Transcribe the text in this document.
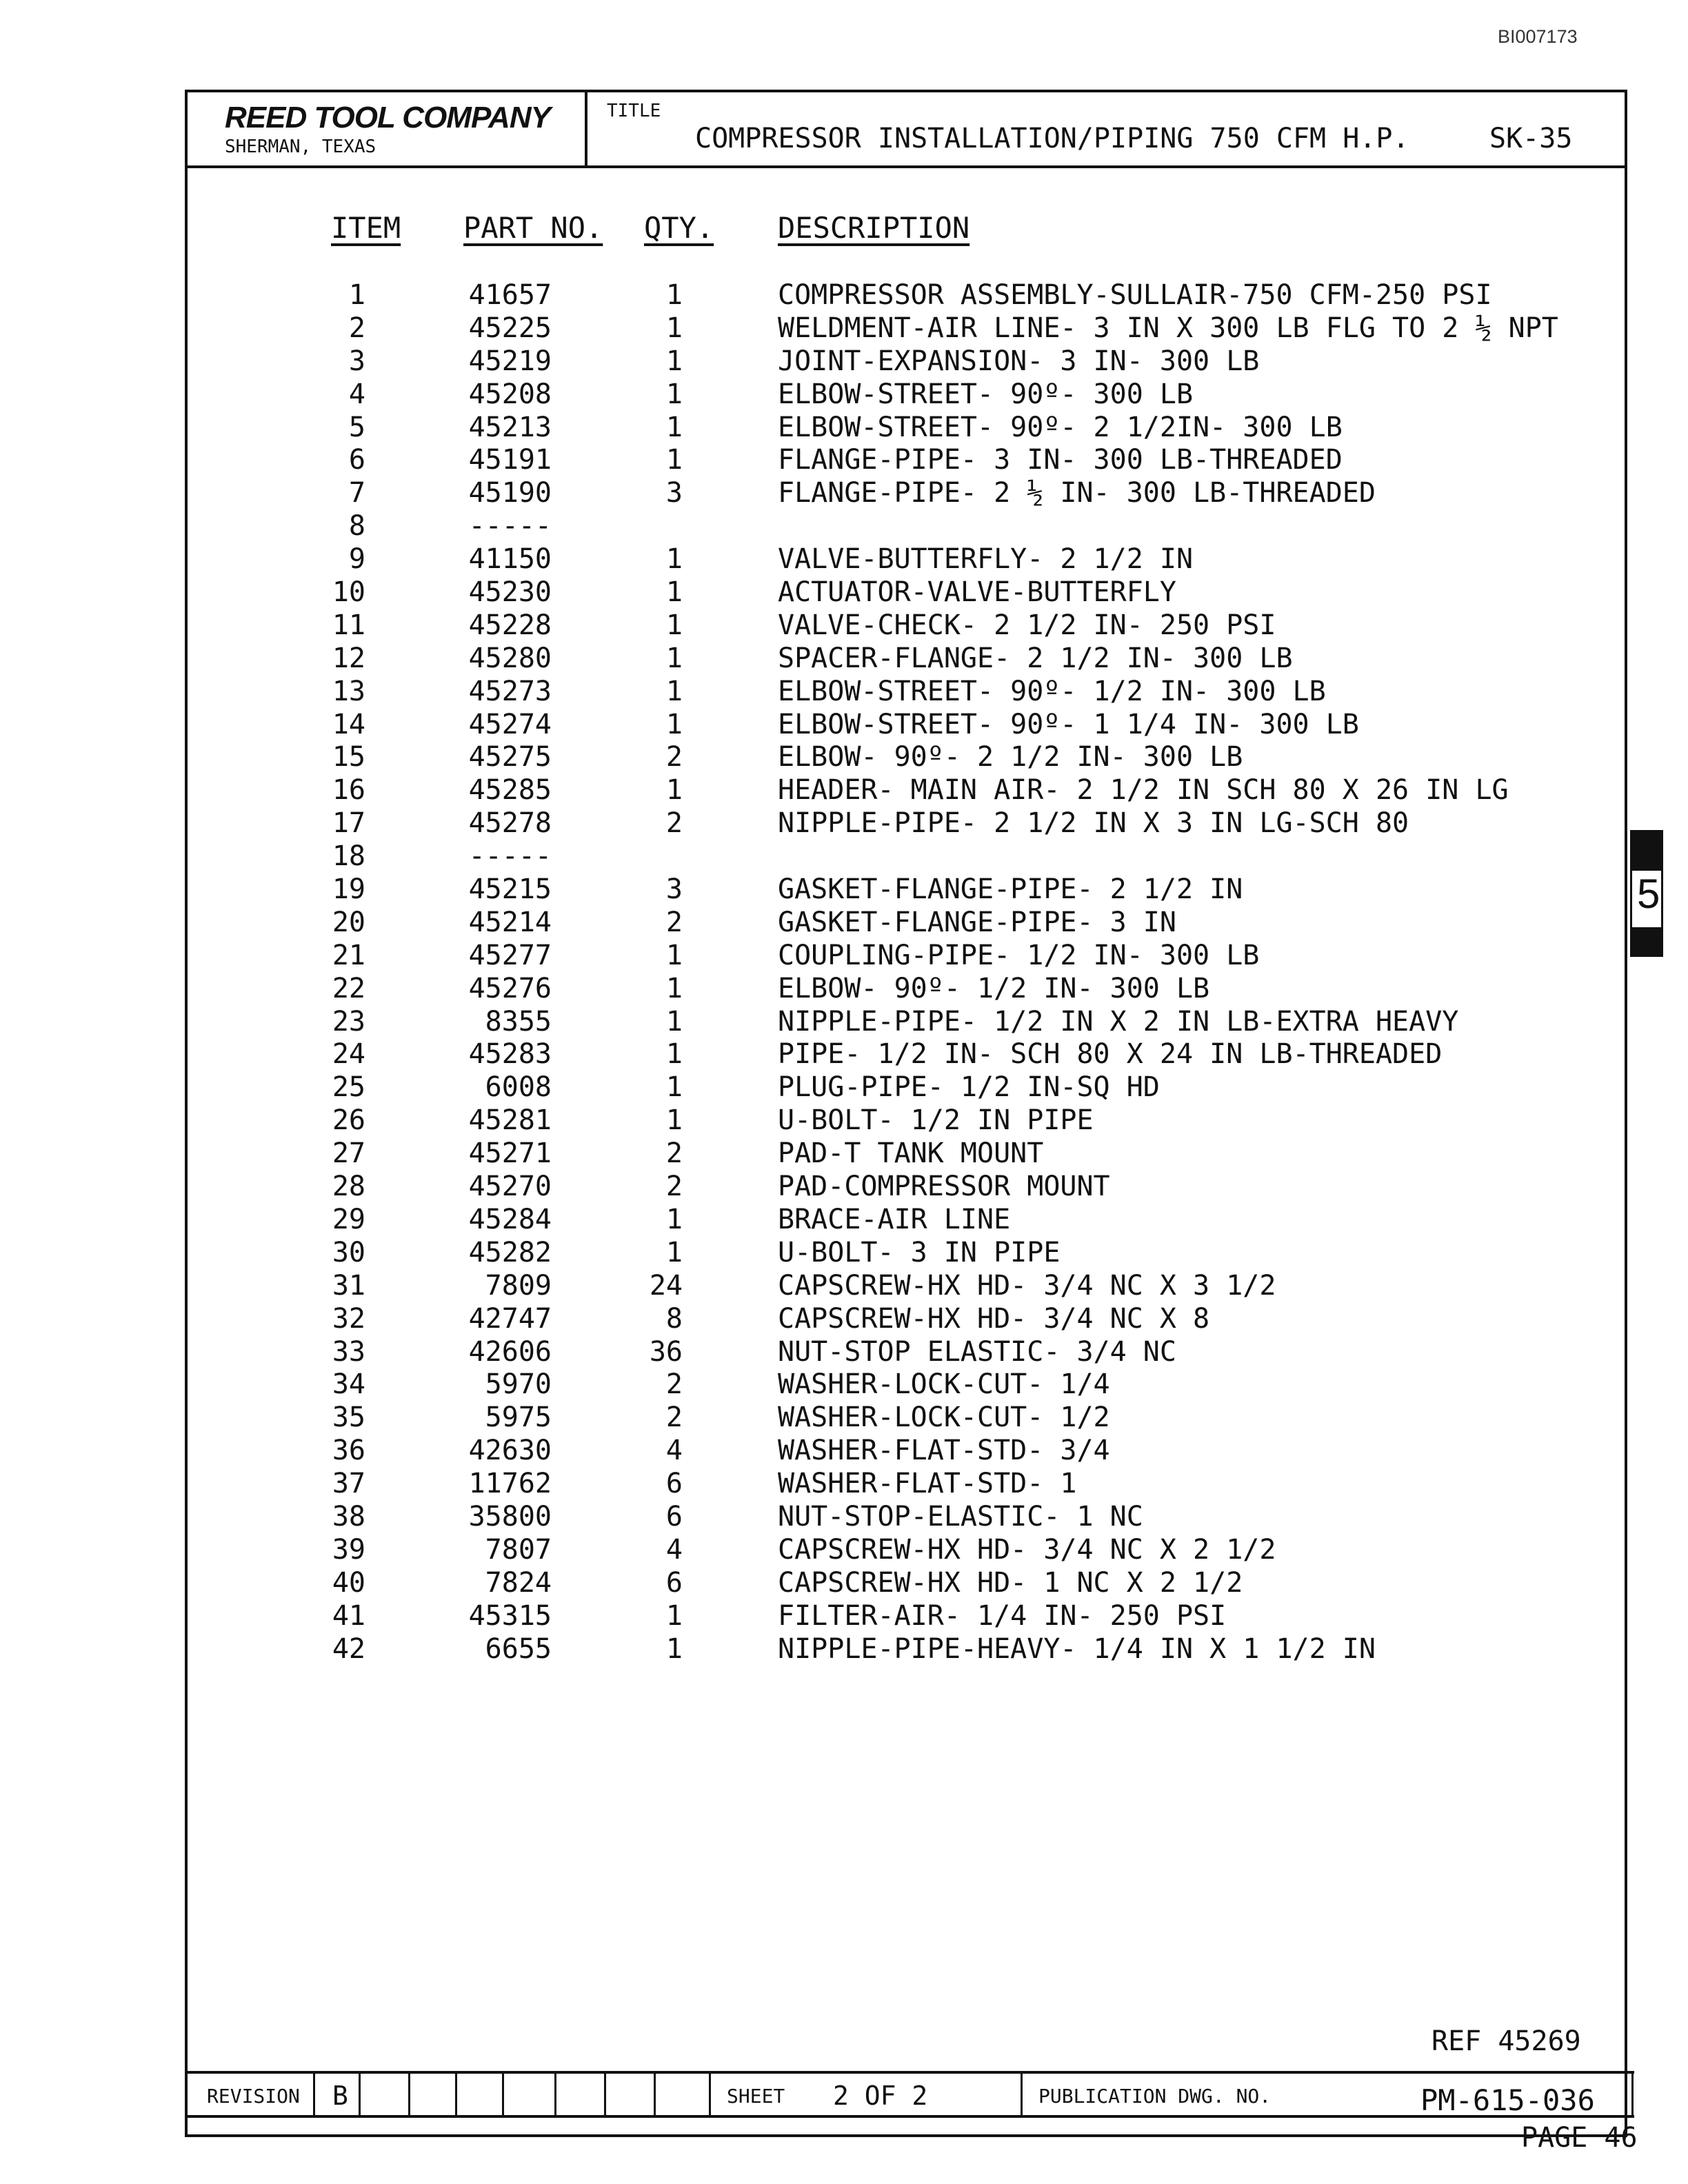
BI007173
REED TOOL COMPANY
SHERMAN, TEXAS
TITLE
COMPRESSOR INSTALLATION/PIPING 750 CFM H.P.	SK-35
ITEM PART NO. QTY. DESCRIPTION
1	41657	1	COMPRESSOR ASSEMBLY-SULLAIR-750 CFM-250 PSI
2	45225	1	WELDMENT-AIR LINE- 3 IN X 300 LB FLG TO 2 ½ NPT
3	45219	1	JOINT-EXPANSION- 3 IN- 300 LB
4	45208	1	ELBOW-STREET- 90º- 300 LB
5	45213	1	ELBOW-STREET- 90º- 2 1/2IN- 300 LB
6	45191	1	FLANGE-PIPE- 3 IN- 300 LB-THREADED
7	45190	3	FLANGE-PIPE- 2 ½ IN- 300 LB-THREADED
8	-----
9	41150	1	VALVE-BUTTERFLY- 2 1/2 IN
10	45230	1	ACTUATOR-VALVE-BUTTERFLY
11	45228	1	VALVE-CHECK- 2 1/2 IN- 250 PSI
12	45280	1	SPACER-FLANGE- 2 1/2 IN- 300 LB
13	45273	1	ELBOW-STREET- 90º- 1/2 IN- 300 LB
14	45274	1	ELBOW-STREET- 90º- 1 1/4 IN- 300 LB
15	45275	2	ELBOW- 90º- 2 1/2 IN- 300 LB
16	45285	1	HEADER- MAIN AIR- 2 1/2 IN SCH 80 X 26 IN LG
17	45278	2	NIPPLE-PIPE- 2 1/2 IN X 3 IN LG-SCH 80
18	-----
19	45215	3	GASKET-FLANGE-PIPE- 2 1/2 IN
20	45214	2	GASKET-FLANGE-PIPE- 3 IN
21	45277	1	COUPLING-PIPE- 1/2 IN- 300 LB
22	45276	1	ELBOW- 90º- 1/2 IN- 300 LB
23	8355	1	NIPPLE-PIPE- 1/2 IN X 2 IN LB-EXTRA HEAVY
24	45283	1	PIPE- 1/2 IN- SCH 80 X 24 IN LB-THREADED
25	6008	1	PLUG-PIPE- 1/2 IN-SQ HD
26	45281	1	U-BOLT- 1/2 IN PIPE
27	45271	2	PAD-T TANK MOUNT
28	45270	2	PAD-COMPRESSOR MOUNT
29	45284	1	BRACE-AIR LINE
30	45282	1	U-BOLT- 3 IN PIPE
31	7809	24	CAPSCREW-HX HD- 3/4 NC X 3 1/2
32	42747	8	CAPSCREW-HX HD- 3/4 NC X 8
33	42606	36	NUT-STOP ELASTIC- 3/4 NC
34	5970	2	WASHER-LOCK-CUT- 1/4
35	5975	2	WASHER-LOCK-CUT- 1/2
36	42630	4	WASHER-FLAT-STD- 3/4
37	11762	6	WASHER-FLAT-STD- 1
38	35800	6	NUT-STOP-ELASTIC- 1 NC
39	7807	4	CAPSCREW-HX HD- 3/4 NC X 2 1/2
40	7824	6	CAPSCREW-HX HD- 1 NC X 2 1/2
41	45315	1	FILTER-AIR- 1/4 IN- 250 PSI
42	6655	1	NIPPLE-PIPE-HEAVY- 1/4 IN X 1 1/2 IN
REF 45269
REVISION B	SHEET 2 OF 2	PUBLICATION DWG. NO.	PM-615-036
PAGE 46
5
